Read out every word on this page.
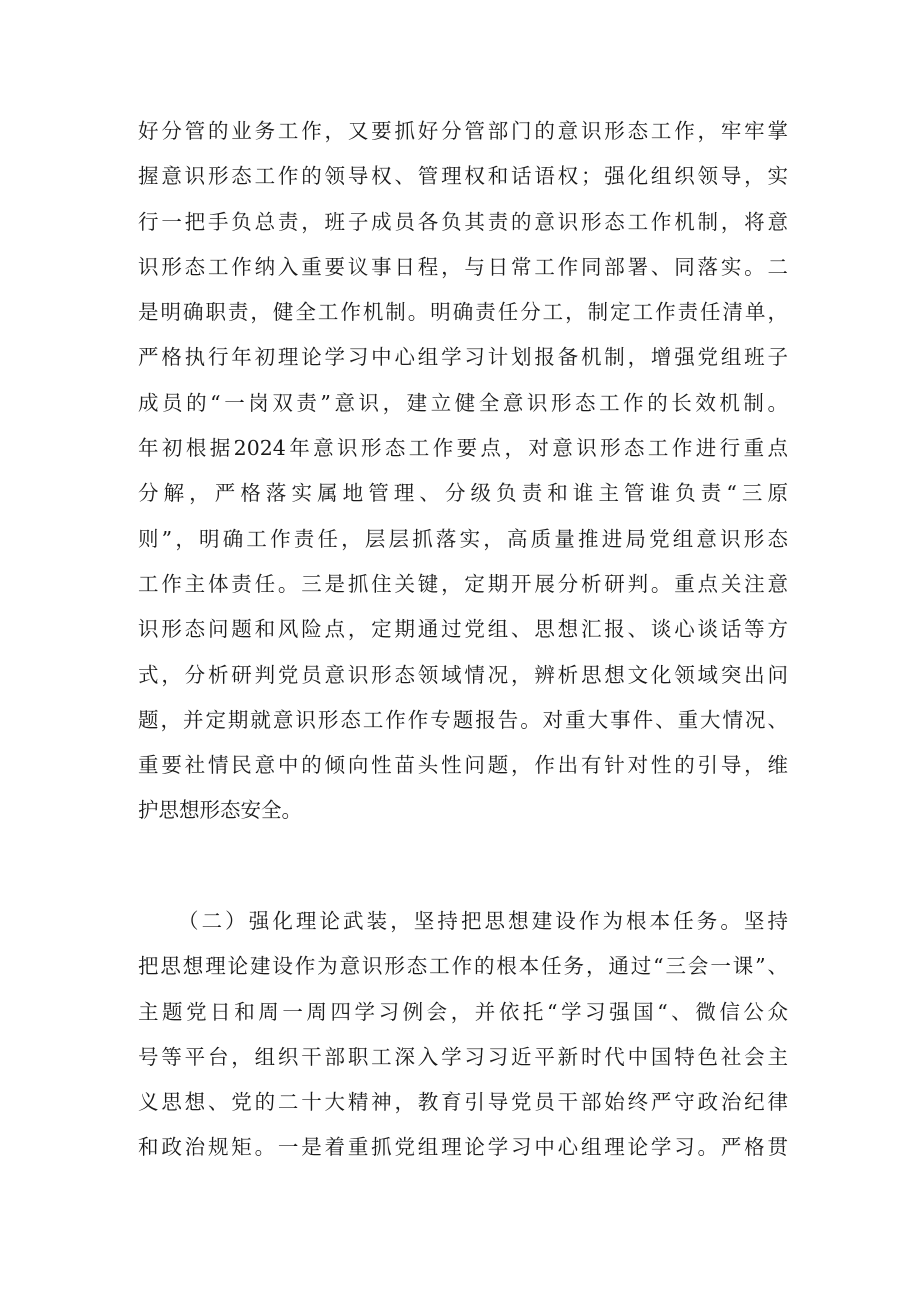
好分管的业务工作，又要抓好分管部门的意识形态工作，牢牢掌
握意识形态工作的领导权、管理权和话语权；强化组织领导，实
行一把手负总责，班子成员各负其责的意识形态工作机制，将意
识形态工作纳入重要议事日程，与日常工作同部署、同落实。二
是明确职责，健全工作机制。明确责任分工，制定工作责任清单，
严格执行年初理论学习中心组学习计划报备机制，增强党组班子
成员的“一岗双责”意识，建立健全意识形态工作的长效机制。
年初根据2024年意识形态工作要点，对意识形态工作进行重点
分解，严格落实属地管理、分级负责和谁主管谁负责“三原
则”，明确工作责任，层层抓落实，高质量推进局党组意识形态
工作主体责任。三是抓住关键，定期开展分析研判。重点关注意
识形态问题和风险点，定期通过党组、思想汇报、谈心谈话等方
式，分析研判党员意识形态领域情况，辨析思想文化领域突出问
题，并定期就意识形态工作作专题报告。对重大事件、重大情况、
重要社情民意中的倾向性苗头性问题，作出有针对性的引导，维
护思想形态安全。
（二）强化理论武装，坚持把思想建设作为根本任务。坚持
把思想理论建设作为意识形态工作的根本任务，通过“三会一课”、
主题党日和周一周四学习例会，并依托“学习强国“、微信公众
号等平台，组织干部职工深入学习习近平新时代中国特色社会主
义思想、党的二十大精神，教育引导党员干部始终严守政治纪律
和政治规矩。一是着重抓党组理论学习中心组理论学习。严格贯
